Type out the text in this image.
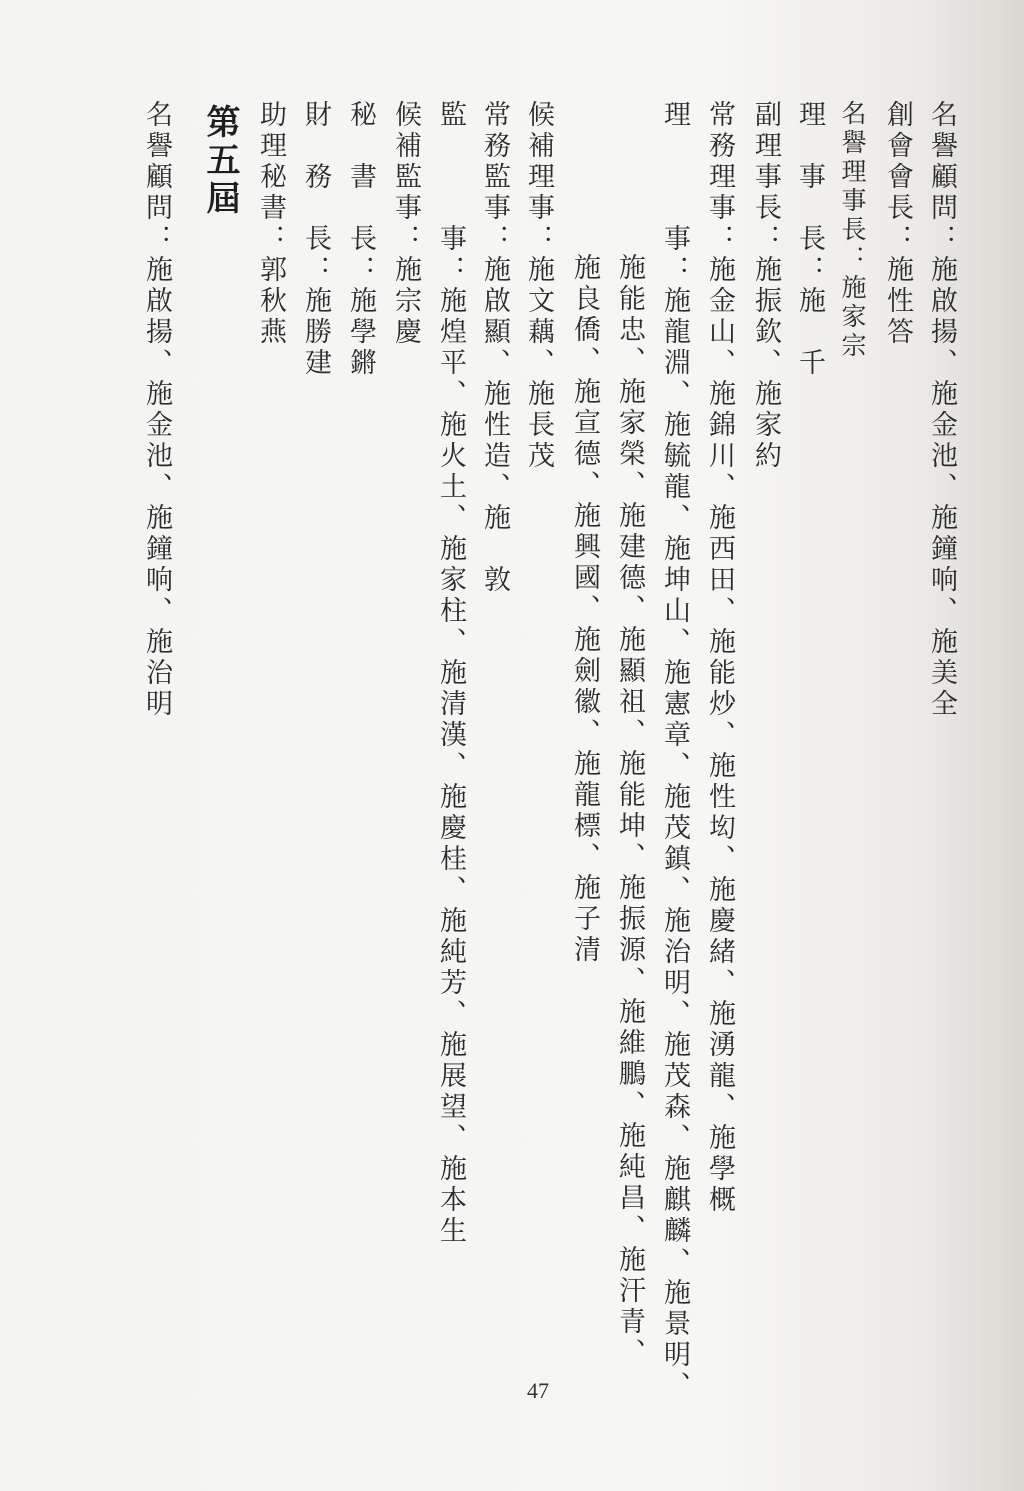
名譽顧問：施啟揚、施金池、施鐘响、施美全
創會會長：施性答
名譽理事長：施家宗
理　事　長：施　千
副理事長：施振欽、施家約
常務理事：施金山、施錦川、施西田、施能炒、施性㘭、施慶緒、施湧龍、施學概
理　　　事：施龍淵、施毓龍、施坤山、施憲章、施茂鎮、施治明、施茂森、施麒麟、施景明、
施能忠、施家榮、施建德、施顯祖、施能坤、施振源、施維鵬、施純昌、施汗青、
施良僑、施宣德、施興國、施劍徽、施龍標、施子清
候補理事：施文藕、施長茂
常務監事：施啟顯、施性造、施　敦
監　　　事：施煌平、施火土、施家柱、施清漢、施慶桂、施純芳、施展望、施本生
候補監事：施宗慶
秘　書　長：施學鏘
財　務　長：施勝建
助理秘書：郭秋燕
第五屆
名譽顧問：施啟揚、施金池、施鐘响、施治明
47
